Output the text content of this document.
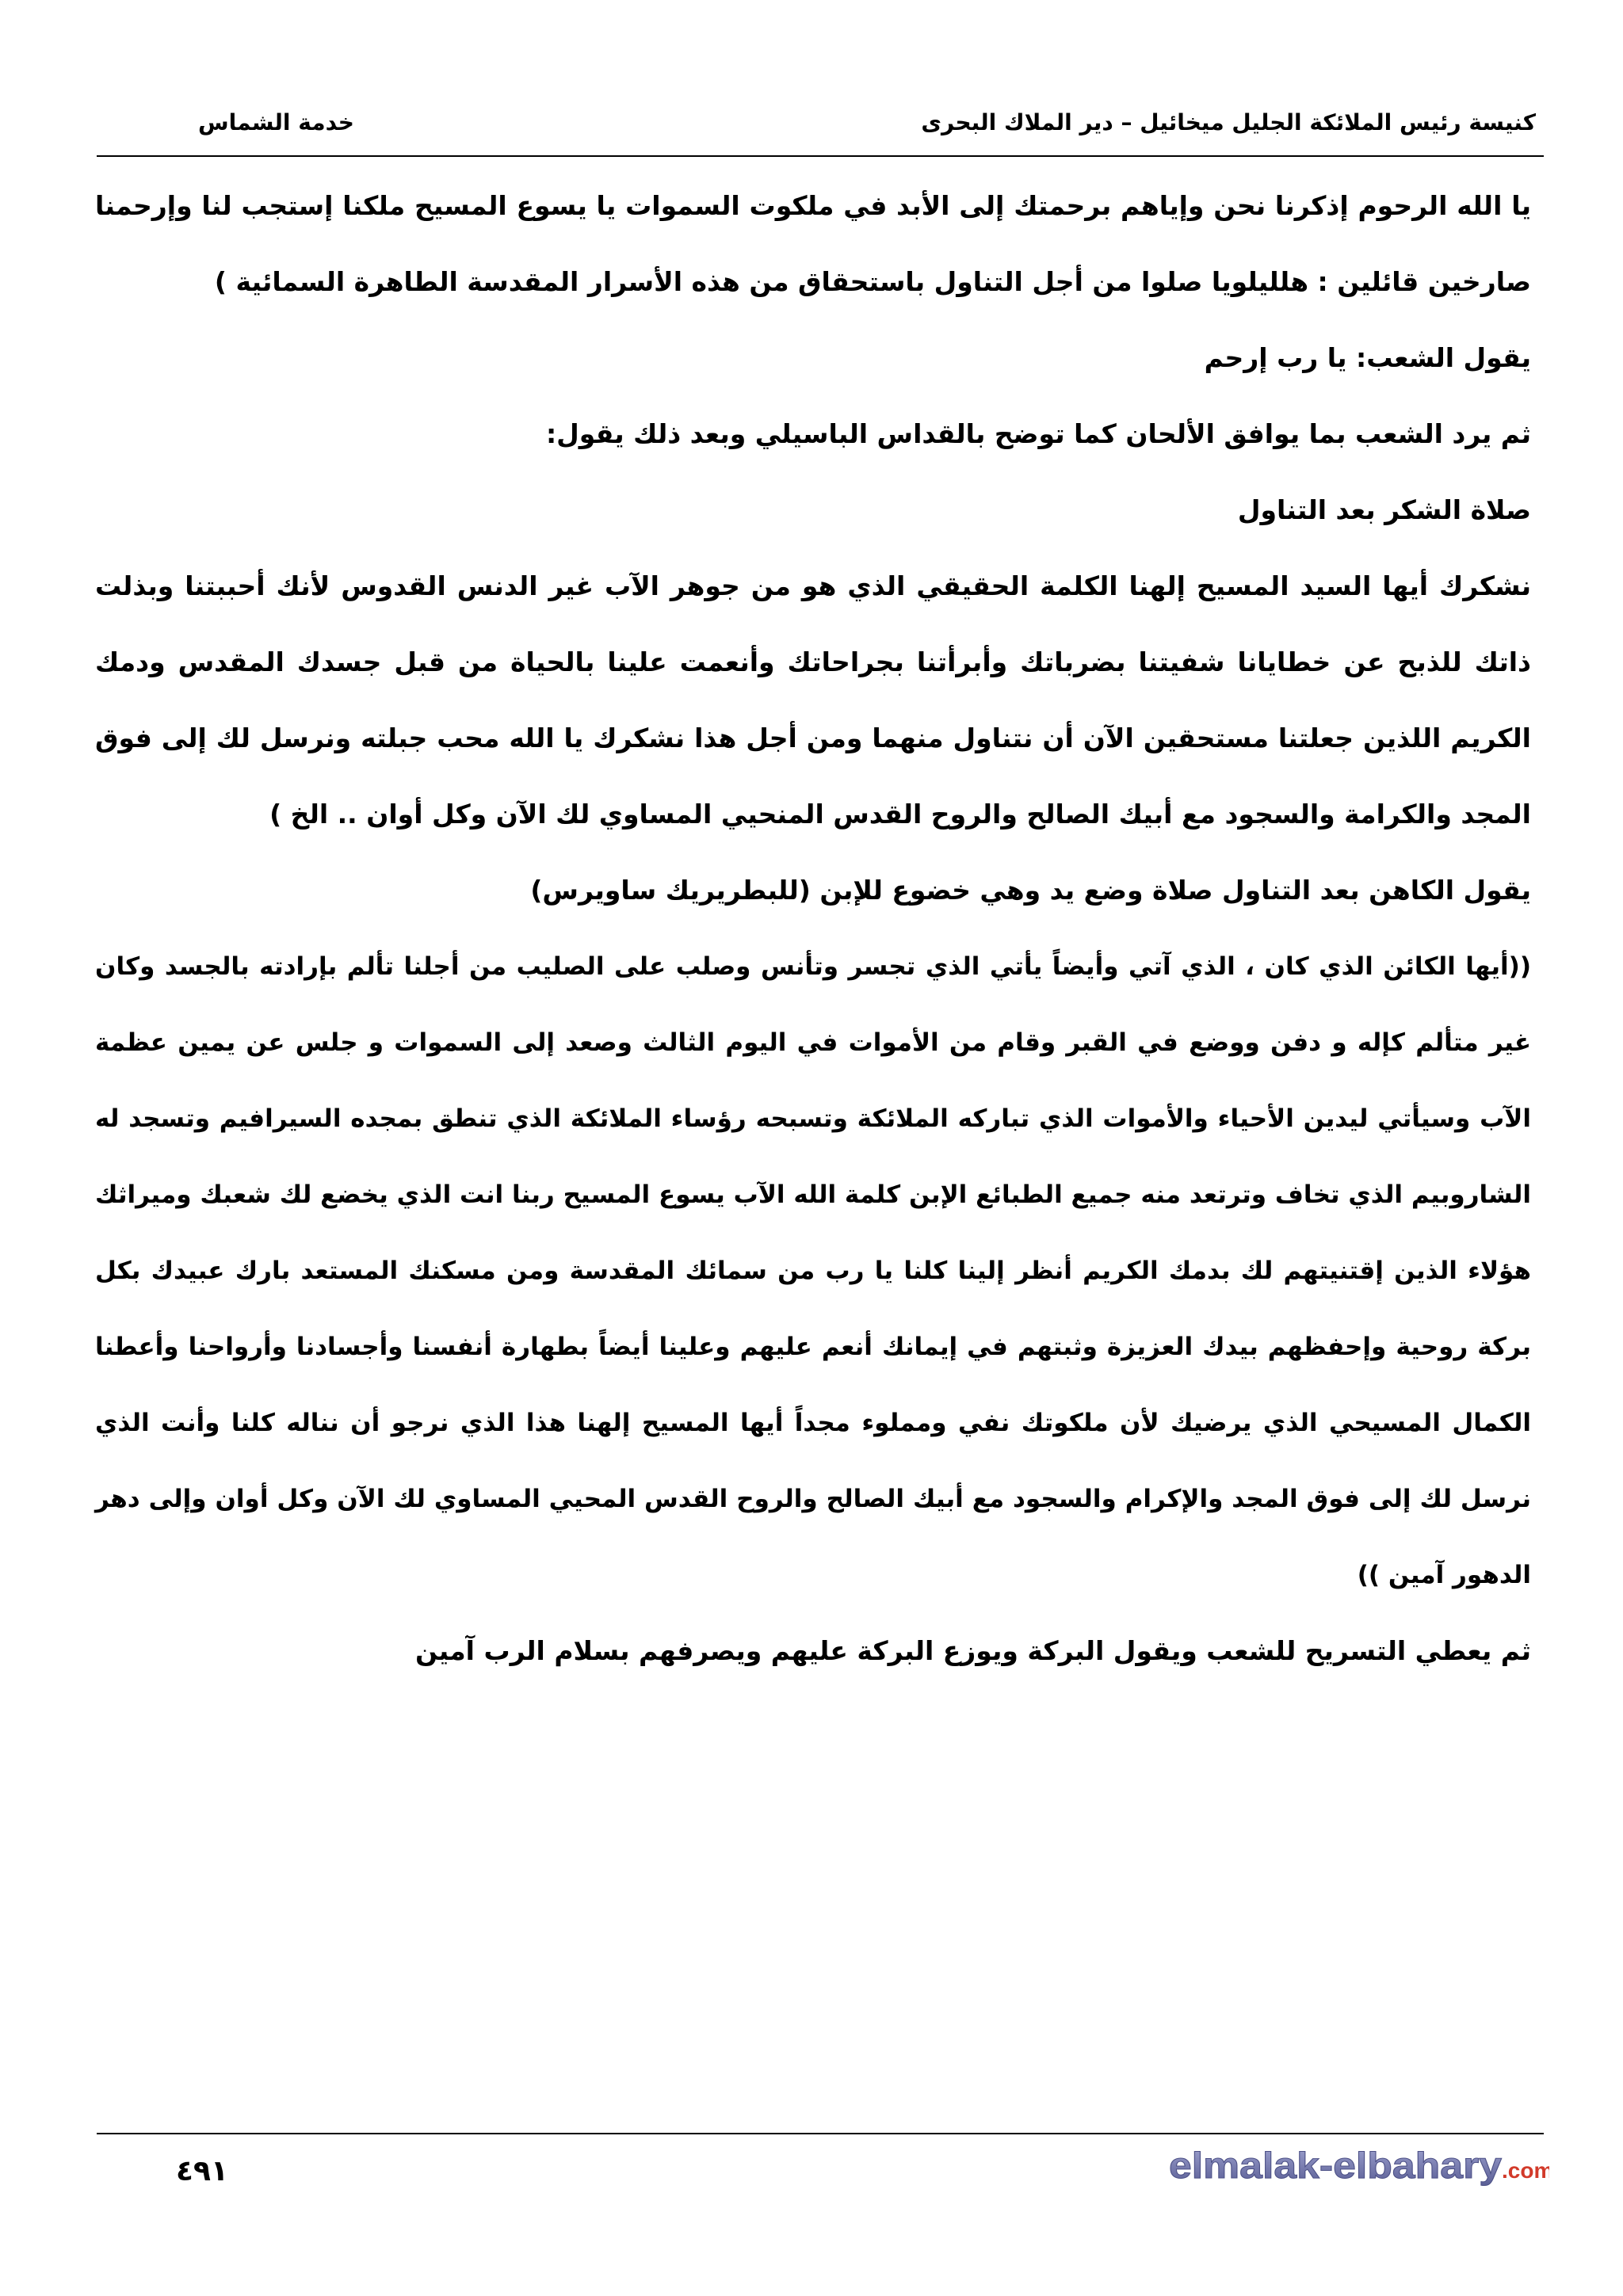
كنيسة رئيس الملائكة الجليل ميخائيل – دير الملاك البحرى
خدمة الشماس

يا الله الرحوم إذكرنا نحن وإياهم برحمتك إلى الأبد في ملكوت السموات يا يسوع المسيح ملكنا إستجب لنا وإرحمنا صارخين قائلين : هلليلويا صلوا من أجل التناول باستحقاق من هذه الأسرار المقدسة الطاهرة السمائية )

يقول الشعب: يا رب إرحم

ثم يرد الشعب بما يوافق الألحان كما توضح بالقداس الباسيلي وبعد ذلك يقول:

صلاة الشكر بعد التناول

نشكرك أيها السيد المسيح إلهنا الكلمة الحقيقي الذي هو من جوهر الآب غير الدنس القدوس لأنك أحببتنا وبذلت ذاتك للذبح عن خطايانا شفيتنا بضرباتك وأبرأتنا بجراحاتك وأنعمت علينا بالحياة من قبل جسدك المقدس ودمك الكريم اللذين جعلتنا مستحقين الآن أن نتناول منهما ومن أجل هذا نشكرك يا الله محب جبلته ونرسل لك إلى فوق المجد والكرامة والسجود مع أبيك الصالح والروح القدس المنحيي المساوي لك الآن وكل أوان .. الخ )

يقول الكاهن بعد التناول صلاة وضع يد وهي خضوع للإبن (للبطريريك ساويرس)

((أيها الكائن الذي كان ، الذي آتي وأيضاً يأتي الذي تجسر وتأنس وصلب على الصليب من أجلنا تألم بإرادته بالجسد وكان غير متألم كإله و دفن ووضع في القبر وقام من الأموات في اليوم الثالث وصعد إلى السموات و جلس عن يمين عظمة الآب وسيأتي ليدين الأحياء والأموات الذي تباركه الملائكة وتسبحه رؤساء الملائكة الذي تنطق بمجده السيرافيم وتسجد له الشاروبيم الذي تخاف وترتعد منه جميع الطبائع الإبن كلمة الله الآب يسوع المسيح ربنا انت الذي يخضع لك شعبك وميراثك هؤلاء الذين إقتنيتهم لك بدمك الكريم أنظر إلينا كلنا يا رب من سمائك المقدسة ومن مسكنك المستعد بارك عبيدك بكل بركة روحية وإحفظهم بيدك العزيزة وثبتهم في إيمانك أنعم عليهم وعلينا أيضاً بطهارة أنفسنا وأجسادنا وأرواحنا وأعطنا الكمال المسيحي الذي يرضيك لأن ملكوتك نفي ومملوء مجداً أيها المسيح إلهنا هذا الذي نرجو أن نناله كلنا وأنت الذي نرسل لك إلى فوق المجد والإكرام والسجود مع أبيك الصالح والروح القدس المحيي المساوي لك الآن وكل أوان وإلى دهر الدهور آمين ))

ثم يعطي التسريح للشعب ويقول البركة ويوزع البركة عليهم ويصرفهم بسلام الرب آمين

٤٩١	elmalak-elbahary .com
